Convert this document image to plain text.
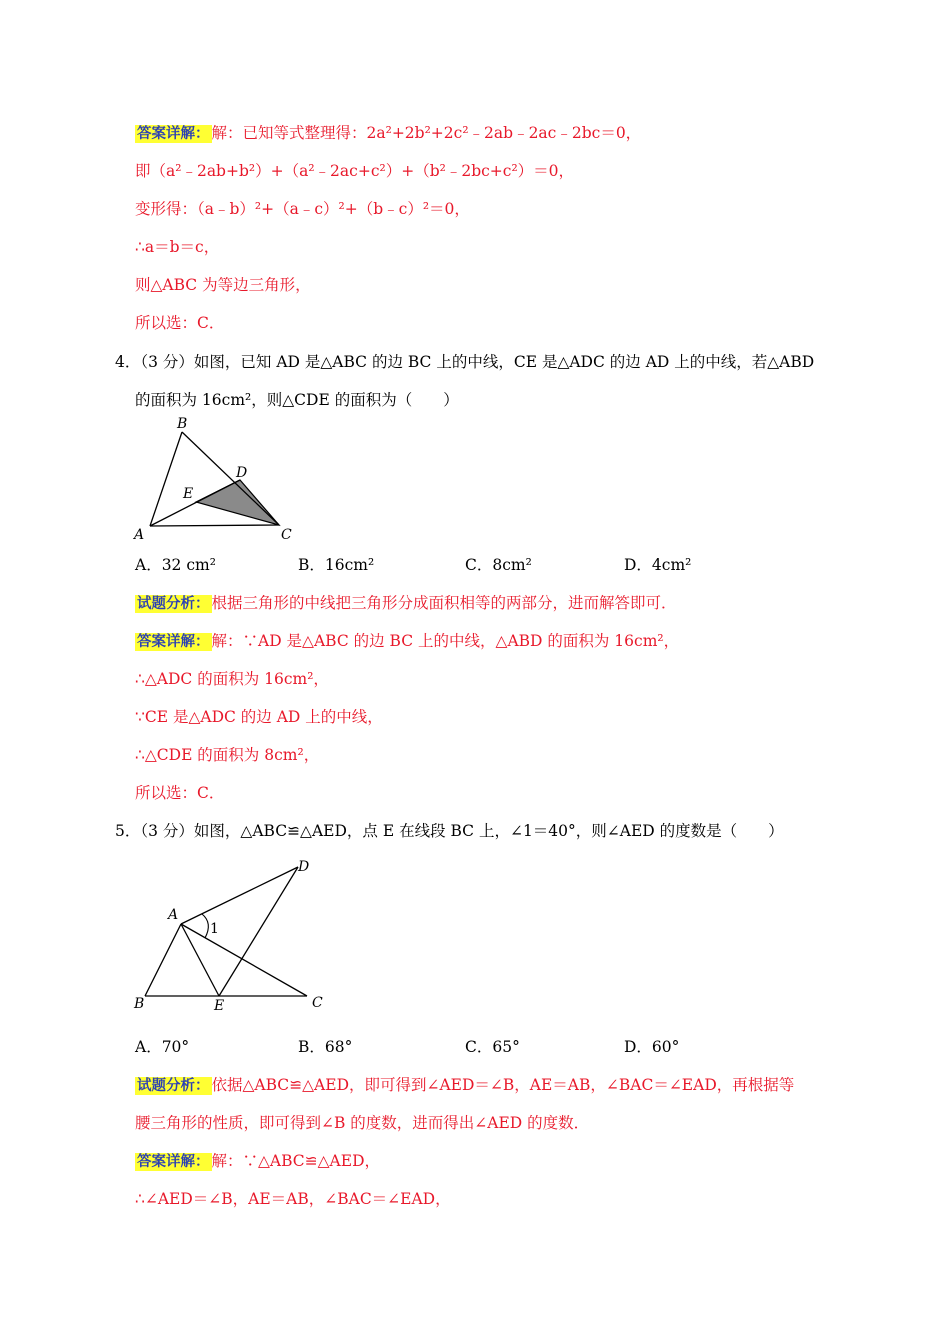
答案详解： 解：已知等式整理得：2a²+2b²+2c²﹣2ab﹣2ac﹣2bc＝0，
即（a²﹣2ab+b²）+（a²﹣2ac+c²）+（b²﹣2bc+c²）＝0，
变形得：（a﹣b）²+（a﹣c）²+（b﹣c）²＝0，
∴a＝b＝c，
则△ABC 为等边三角形，
所以选：C．
4．（3 分）如图，已知 AD 是△ABC 的边 BC 上的中线，CE 是△ADC 的边 AD 上的中线，若△ABD
的面积为 16cm²，则△CDE 的面积为（　　）
B
D
E
A	C
A．32 cm²	B．16cm²	C．8cm²	D．4cm²
试题分析： 根据三角形的中线把三角形分成面积相等的两部分，进而解答即可．
答案详解： 解：∵AD 是△ABC 的边 BC 上的中线，△ABD 的面积为 16cm²，
∴△ADC 的面积为 16cm²，
∵CE 是△ADC 的边 AD 上的中线，
∴△CDE 的面积为 8cm²，
所以选：C．
5．（3 分）如图，△ABC≌△AED，点 E 在线段 BC 上，∠1＝40°，则∠AED 的度数是（　　）
D
A
1
B	E	C
A．70°	B．68°	C．65°	D．60°
试题分析： 依据△ABC≌△AED，即可得到∠AED＝∠B，AE＝AB，∠BAC＝∠EAD，再根据等
腰三角形的性质，即可得到∠B 的度数，进而得出∠AED 的度数．
答案详解： 解：∵△ABC≌△AED，
∴∠AED＝∠B，AE＝AB，∠BAC＝∠EAD，
